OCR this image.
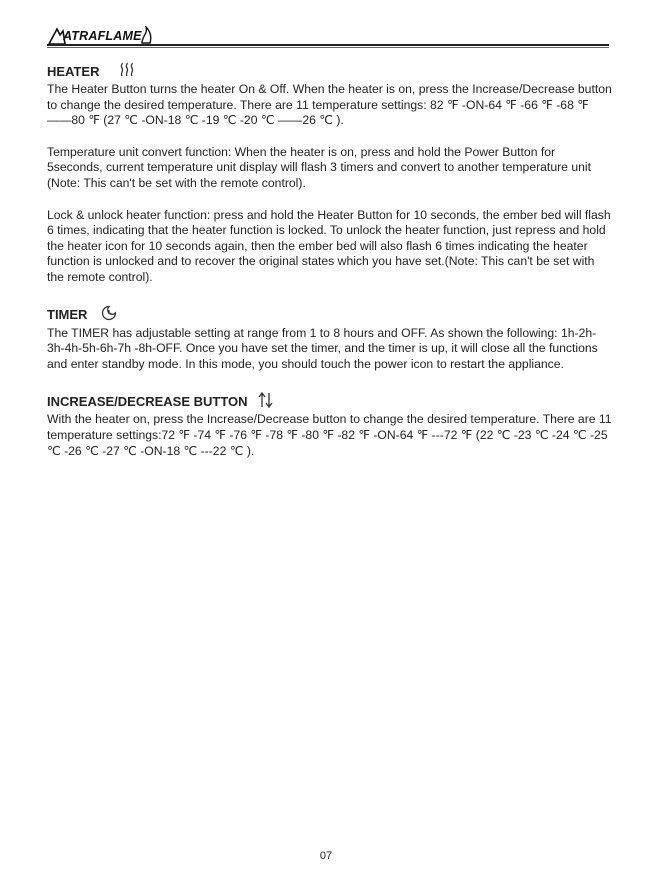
ATRAFLAME
HEATER

The Heater Button turns the heater On & Off. When the heater is on, press the Increase/Decrease button to change the desired temperature. There are 11 temperature settings: 82 ℉ -ON-64 ℉ -66 ℉ -68 ℉ ——80 ℉ (27 ℃ -ON-18 ℃ -19 ℃ -20 ℃ ——26 ℃ ).

Temperature unit convert function: When the heater is on, press and hold the Power Button for 5seconds, current temperature unit display will flash 3 timers and convert to another temperature unit (Note: This can't be set with the remote control).

Lock & unlock heater function: press and hold the Heater Button for 10 seconds, the ember bed will flash 6 times, indicating that the heater function is locked. To unlock the heater function, just repress and hold the heater icon for 10 seconds again, then the ember bed will also flash 6 times indicating the heater function is unlocked and to recover the original states which you have set.(Note: This can't be set with the remote control).

TIMER

The TIMER has adjustable setting at range from 1 to 8 hours and OFF. As shown the following: 1h-2h-3h-4h-5h-6h-7h -8h-OFF. Once you have set the timer, and the timer is up, it will close all the functions and enter standby mode. In this mode, you should touch the power icon to restart the appliance.

INCREASE/DECREASE BUTTON

With the heater on, press the Increase/Decrease button to change the desired temperature. There are 11 temperature settings:72 ℉ -74 ℉ -76 ℉ -78 ℉ -80 ℉ -82 ℉ -ON-64 ℉ ---72 ℉ (22 ℃ -23 ℃ -24 ℃ -25 ℃ -26 ℃ -27 ℃ -ON-18 ℃ ---22 ℃ ).

07
